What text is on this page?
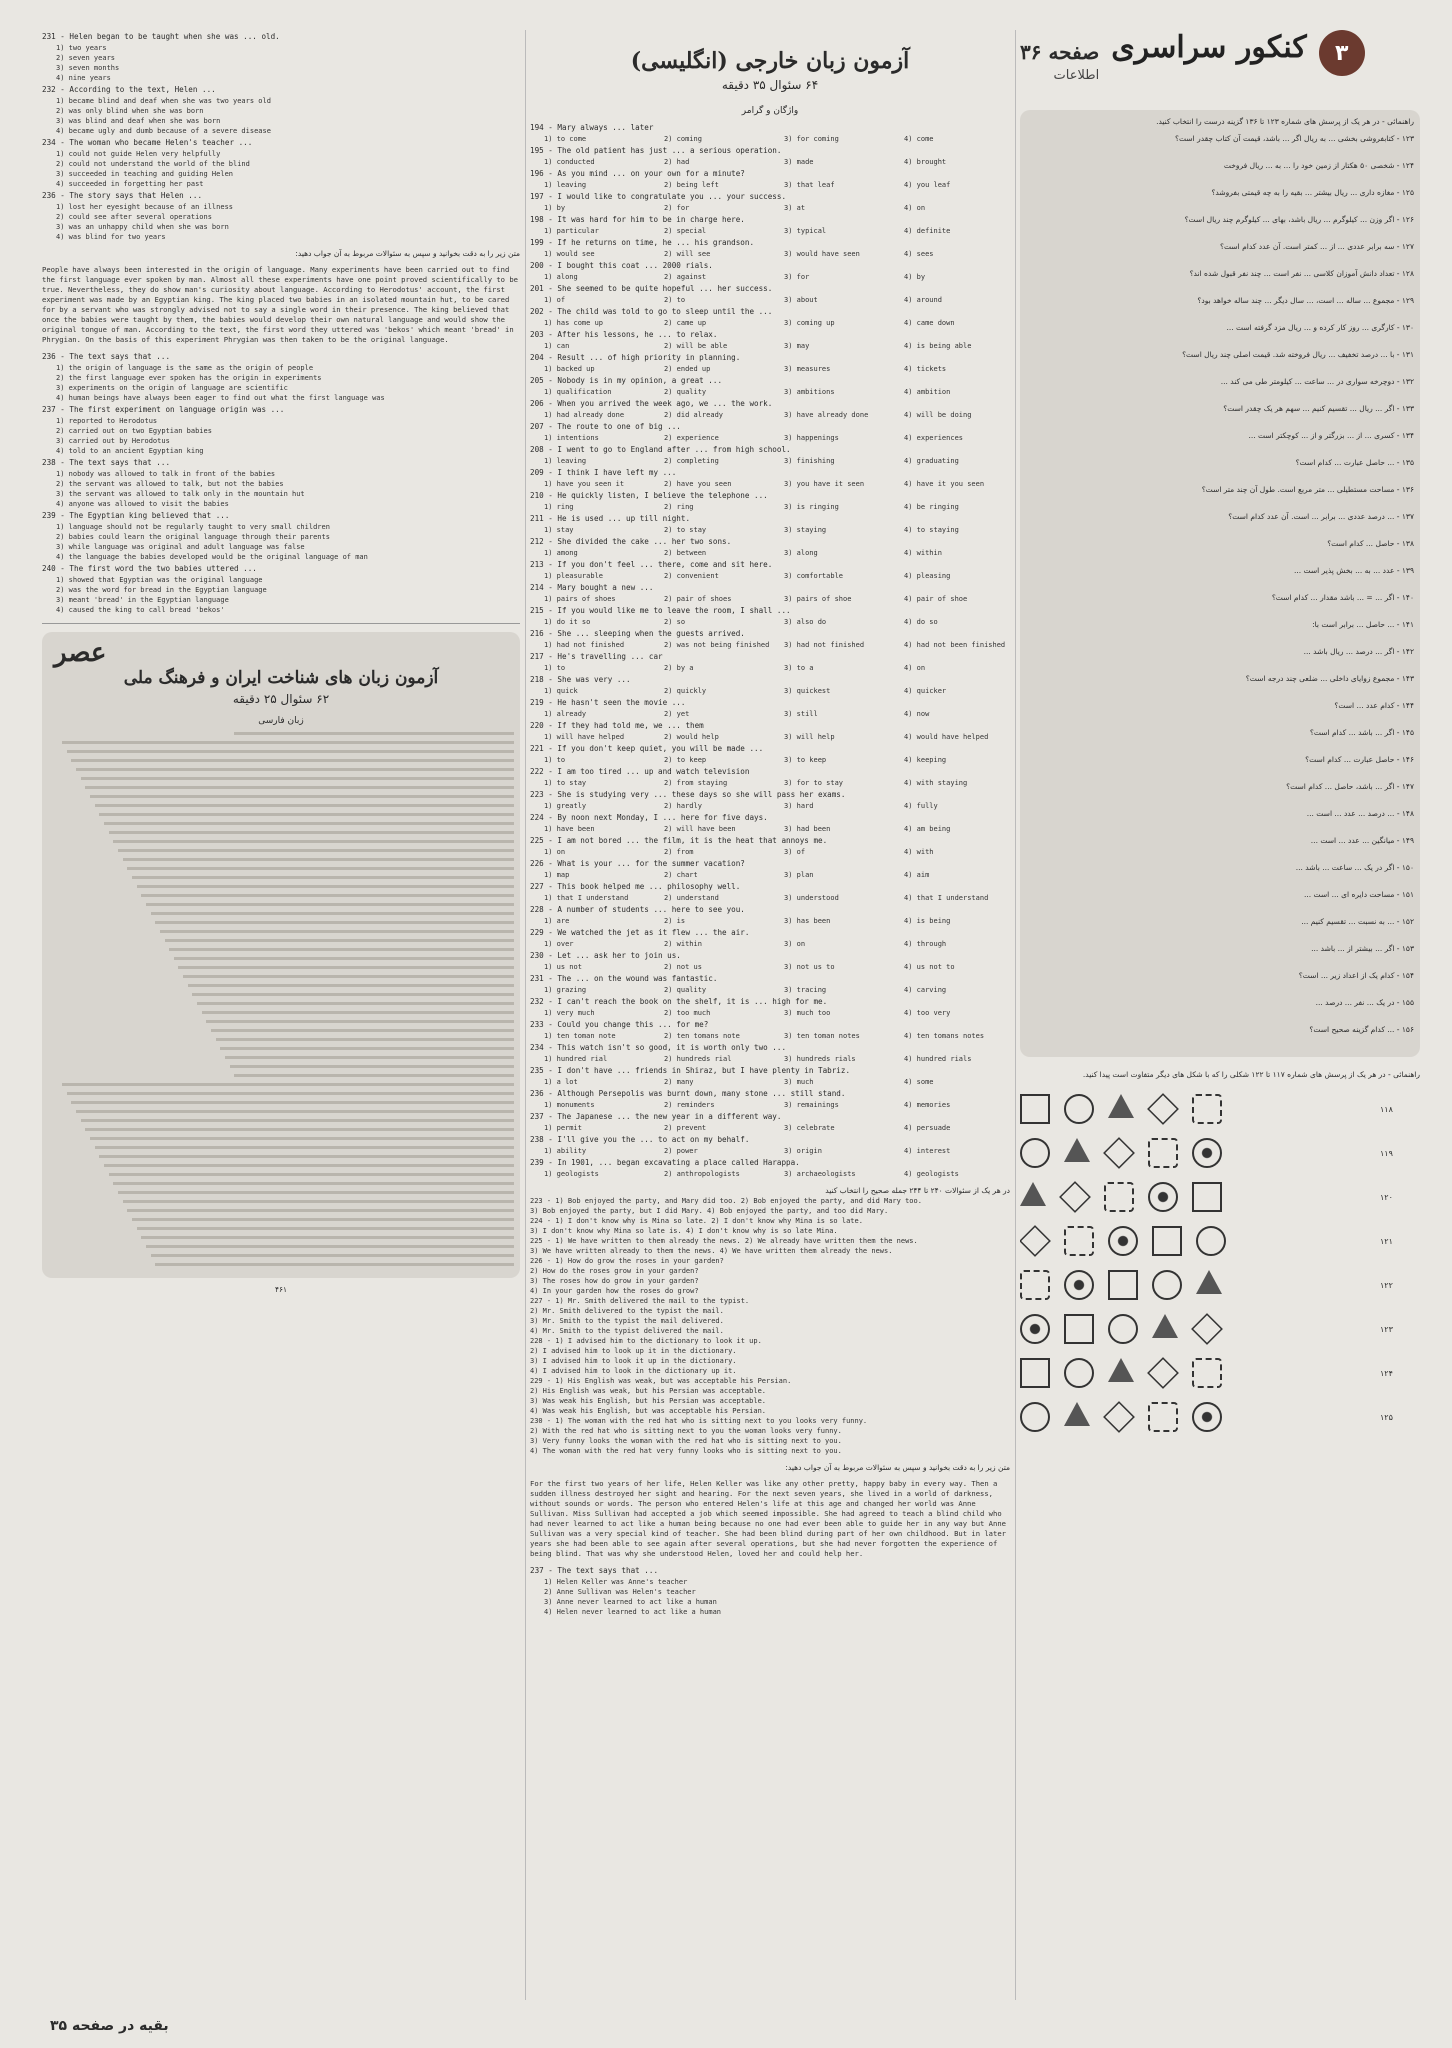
231 - Helen began to be taught when she was ... old.
1) two years
2) seven years
3) seven months
4) nine years
232 - According to the text, Helen ...
1) became blind and deaf when she was two years old
2) was only blind when she was born
3) was blind and deaf when she was born
4) became ugly and dumb because of a severe disease
234 - The woman who became Helen's teacher ...
1) could not guide Helen very helpfully
2) could not understand the world of the blind
3) succeeded in teaching and guiding Helen
4) succeeded in forgetting her past
236 - The story says that Helen ...
1) lost her eyesight because of an illness
2) could see after several operations
3) was an unhappy child when she was born
4) was blind for two years
متن زیر را به دقت بخوانید و سپس به سئوالات مربوط به آن جواب دهید:
People have always been interested in the origin of language. Many experiments have been carried out to find the first language ever spoken by man. Almost all these experiments have one point proved scientifically to be true. Nevertheless, they do show man's curiosity about language. According to Herodotus' account, the first experiment was made by an Egyptian king. The king placed two babies in an isolated mountain hut, to be cared for by a servant who was strongly advised not to say a single word in their presence. The king believed that once the babies were taught by them, the babies would develop their own natural language and would show the original tongue of man. According to the text, the first word they uttered was 'bekos' which meant 'bread' in Phrygian. On the basis of this experiment Phrygian was then taken to be the original language.
236 - The text says that ...
1) the origin of language is the same as the origin of people
2) the first language ever spoken has the origin in experiments
3) experiments on the origin of language are scientific
4) human beings have always been eager to find out what the first language was
237 - The first experiment on language origin was ...
1) reported to Herodotus
2) carried out on two Egyptian babies
3) carried out by Herodotus
4) told to an ancient Egyptian king
238 - The text says that ...
1) nobody was allowed to talk in front of the babies
2) the servant was allowed to talk, but not the babies
3) the servant was allowed to talk only in the mountain hut
4) anyone was allowed to visit the babies
239 - The Egyptian king believed that ...
1) language should not be regularly taught to very small children
2) babies could learn the original language through their parents
3) while language was original and adult language was false
4) the language the babies developed would be the original language of man
240 - The first word the two babies uttered ...
1) showed that Egyptian was the original language
2) was the word for bread in the Egyptian language
3) meant 'bread' in the Egyptian language
4) caused the king to call bread 'bekos'
عصر
آزمون زبان های شناخت ایران و فرهنگ ملی
۶۲ سئوال ۲۵ دقیقه
زبان فارسی
۴۶۱
آزمون زبان خارجی (انگلیسی)
۶۴ سئوال ۳۵ دقیقه
واژگان و گرامر
194 - Mary always ... later
1) to come	2) coming	3) for coming	4) come
195 - The old patient has just ... a serious operation.
1) conducted	2) had	3) made	4) brought
196 - As you mind ... on your own for a minute?
1) leaving	2) being left	3) that leaf	4) you leaf
197 - I would like to congratulate you ... your success.
1) by	2) for	3) at	4) on
198 - It was hard for him to be in charge here.
1) particular	2) special	3) typical	4) definite
199 - If he returns on time, he ... his grandson.
1) would see	2) will see	3) would have seen	4) sees
200 - I bought this coat ... 2000 rials.
1) along	2) against	3) for	4) by
201 - She seemed to be quite hopeful ... her success.
1) of	2) to	3) about	4) around
202 - The child was told to go to sleep until the ...
1) has come up	2) came up	3) coming up	4) came down
203 - After his lessons, he ... to relax.
1) can	2) will be able	3) may	4) is being able
204 - Result ... of high priority in planning.
1) backed up	2) ended up	3) measures	4) tickets
205 - Nobody is in my opinion, a great ...
1) qualification	2) quality	3) ambitions	4) ambition
206 - When you arrived the week ago, we ... the work.
1) had already done	2) did already	3) have already done	4) will be doing
207 - The route to one of big ...
1) intentions	2) experience	3) happenings	4) experiences
208 - I went to go to England after ... from high school.
1) leaving	2) completing	3) finishing	4) graduating
209 - I think I have left my ...
1) have you seen it	2) have you seen	3) you have it seen	4) have it you seen
210 - He quickly listen, I believe the telephone ...
1) ring	2) ring	3) is ringing	4) be ringing
211 - He is used ... up till night.
1) stay	2) to stay	3) staying	4) to staying
212 - She divided the cake ... her two sons.
1) among	2) between	3) along	4) within
213 - If you don't feel ... there, come and sit here.
1) pleasurable	2) convenient	3) comfortable	4) pleasing
214 - Mary bought a new ...
1) pairs of shoes	2) pair of shoes	3) pairs of shoe	4) pair of shoe
215 - If you would like me to leave the room, I shall ...
1) do it so	2) so	3) also do	4) do so
216 - She ... sleeping when the guests arrived.
1) had not finished	2) was not being finished	3) had not finished	4) had not been finished
217 - He's travelling ... car
1) to	2) by a	3) to a	4) on
218 - She was very ...
1) quick	2) quickly	3) quickest	4) quicker
219 - He hasn't seen the movie ...
1) already	2) yet	3) still	4) now
220 - If they had told me, we ... them
1) will have helped	2) would help	3) will help	4) would have helped
221 - If you don't keep quiet, you will be made ...
1) to	2) to keep	3) to keep	4) keeping
222 - I am too tired ... up and watch television
1) to stay	2) from staying	3) for to stay	4) with staying
223 - She is studying very ... these days so she will pass her exams.
1) greatly	2) hardly	3) hard	4) fully
224 - By noon next Monday, I ... here for five days.
1) have been	2) will have been	3) had been	4) am being
225 - I am not bored ... the film, it is the heat that annoys me.
1) on	2) from	3) of	4) with
226 - What is your ... for the summer vacation?
1) map	2) chart	3) plan	4) aim
227 - This book helped me ... philosophy well.
1) that I understand	2) understand	3) understood	4) that I understand
228 - A number of students ... here to see you.
1) are	2) is	3) has been	4) is being
229 - We watched the jet as it flew ... the air.
1) over	2) within	3) on	4) through
230 - Let ... ask her to join us.
1) us not	2) not us	3) not us to	4) us not to
231 - The ... on the wound was fantastic.
1) grazing	2) quality	3) tracing	4) carving
232 - I can't reach the book on the shelf, it is ... high for me.
1) very much	2) too much	3) much too	4) too very
233 - Could you change this ... for me?
1) ten toman note	2) ten tomans note	3) ten toman notes	4) ten tomans notes
234 - This watch isn't so good, it is worth only two ...
1) hundred rial	2) hundreds rial	3) hundreds rials	4) hundred rials
235 - I don't have ... friends in Shiraz, but I have plenty in Tabriz.
1) a lot	2) many	3) much	4) some
236 - Although Persepolis was burnt down, many stone ... still stand.
1) monuments	2) reminders	3) remainings	4) memories
237 - The Japanese ... the new year in a different way.
1) permit	2) prevent	3) celebrate	4) persuade
238 - I'll give you the ... to act on my behalf.
1) ability	2) power	3) origin	4) interest
239 - In 1901, ... began excavating a place called Harappa.
1) geologists	2) anthropologists	3) archaeologists	4) geologists
در هر یک از سئوالات ۲۴۰ تا ۲۴۴ جمله صحیح را انتخاب کنید
223 - 1) Bob enjoyed the party, and Mary did too. 2) Bob enjoyed the party, and did Mary too.
3) Bob enjoyed the party, but I did Mary. 4) Bob enjoyed the party, and too did Mary.
224 - 1) I don't know why is Mina so late. 2) I don't know why Mina is so late.
3) I don't know why Mina so late is. 4) I don't know why is so late Mina.
225 - 1) We have written to them already the news. 2) We already have written them the news.
3) We have written already to them the news. 4) We have written them already the news.
226 - 1) How do grow the roses in your garden?
2) How do the roses grow in your garden?
3) The roses how do grow in your garden?
4) In your garden how the roses do grow?
227 - 1) Mr. Smith delivered the mail to the typist.
2) Mr. Smith delivered to the typist the mail.
3) Mr. Smith to the typist the mail delivered.
4) Mr. Smith to the typist delivered the mail.
228 - 1) I advised him to the dictionary to look it up.
2) I advised him to look up it in the dictionary.
3) I advised him to look it up in the dictionary.
4) I advised him to look in the dictionary up it.
229 - 1) His English was weak, but was acceptable his Persian.
2) His English was weak, but his Persian was acceptable.
3) Was weak his English, but his Persian was acceptable.
4) Was weak his English, but was acceptable his Persian.
230 - 1) The woman with the red hat who is sitting next to you looks very funny.
2) With the red hat who is sitting next to you the woman looks very funny.
3) Very funny looks the woman with the red hat who is sitting next to you.
4) The woman with the red hat very funny looks who is sitting next to you.
متن زیر را به دقت بخوانید و سپس به سئوالات مربوط به آن جواب دهید:
For the first two years of her life, Helen Keller was like any other pretty, happy baby in every way. Then a sudden illness destroyed her sight and hearing. For the next seven years, she lived in a world of darkness, without sounds or words. The person who entered Helen's life at this age and changed her world was Anne Sullivan. Miss Sullivan had accepted a job which seemed impossible. She had agreed to teach a blind child who had never learned to act like a human being because no one had ever been able to guide her in any way but Anne Sullivan was a very special kind of teacher. She had been blind during part of her own childhood. But in later years she had been able to see again after several operations, but she had never forgotten the experience of being blind. That was why she understood Helen, loved her and could help her.
237 - The text says that ...
1) Helen Keller was Anne's teacher
2) Anne Sullivan was Helen's teacher
3) Anne never learned to act like a human
4) Helen never learned to act like a human
۳
کنکور سراسری
صفحه ۳۶
اطلاعات
راهنمائی - در هر یک از پرسش های شماره ۱۲۳ تا ۱۳۶ گزینه درست را انتخاب کنید.
۱۲۳ - کتابفروشی بخشی ... به ریال اگر ... باشد، قیمت آن کتاب چقدر است؟
۱۲۴ - شخصی ۵۰ هکتار از زمین خود را ... به ... ریال فروخت
۱۲۵ - مغازه داری ... ریال بیشتر ... بقیه را به چه قیمتی بفروشد؟
۱۲۶ - اگر وزن ... کیلوگرم ... ریال باشد، بهای ... کیلوگرم چند ریال است؟
۱۲۷ - سه برابر عددی ... از ... کمتر است. آن عدد کدام است؟
۱۲۸ - تعداد دانش آموزان کلاسی ... نفر است ... چند نفر قبول شده اند؟
۱۲۹ - مجموع ... ساله ... است، ... سال دیگر ... چند ساله خواهد بود؟
۱۳۰ - کارگری ... روز کار کرده و ... ریال مزد گرفته است ...
۱۳۱ - با ... درصد تخفیف ... ریال فروخته شد. قیمت اصلی چند ریال است؟
۱۳۲ - دوچرخه سواری در ... ساعت ... کیلومتر طی می کند ...
۱۳۳ - اگر ... ریال ... تقسیم کنیم ... سهم هر یک چقدر است؟
۱۳۴ - کسری ... از ... بزرگتر و از ... کوچکتر است ...
۱۳۵ - ... حاصل عبارت ... کدام است؟
۱۳۶ - مساحت مستطیلی ... متر مربع است. طول آن چند متر است؟
۱۳۷ - ... درصد عددی ... برابر ... است. آن عدد کدام است؟
۱۳۸ - حاصل ... کدام است؟
۱۳۹ - عدد ... به ... بخش پذیر است ...
۱۴۰ - اگر ... = ... باشد مقدار ... کدام است؟
۱۴۱ - ... حاصل ... برابر است با:
۱۴۲ - اگر ... درصد ... ریال باشد ...
۱۴۳ - مجموع زوایای داخلی ... ضلعی چند درجه است؟
۱۴۴ - کدام عدد ... است؟
۱۴۵ - اگر ... باشد ... کدام است؟
۱۴۶ - حاصل عبارت ... کدام است؟
۱۴۷ - اگر ... باشد، حاصل ... کدام است؟
۱۴۸ - ... درصد ... عدد ... است ...
۱۴۹ - میانگین ... عدد ... است ...
۱۵۰ - اگر در یک ... ساعت ... باشد ...
۱۵۱ - مساحت دایره ای ... است ...
۱۵۲ - ... به نسبت ... تقسیم کنیم ...
۱۵۳ - اگر ... بیشتر از ... باشد ...
۱۵۴ - کدام یک از اعداد زیر ... است؟
۱۵۵ - در یک ... نفر ... درصد ...
۱۵۶ - ... کدام گزینه صحیح است؟
راهنمائی - در هر یک از پرسش های شماره ۱۱۷ تا ۱۲۲ شکلی را که با شکل های دیگر متفاوت است پیدا کنید.
۱۱۸
۱۱۹
۱۲۰
۱۲۱
۱۲۲
۱۲۳
۱۲۴
۱۲۵
بقیه در صفحه ۳۵
